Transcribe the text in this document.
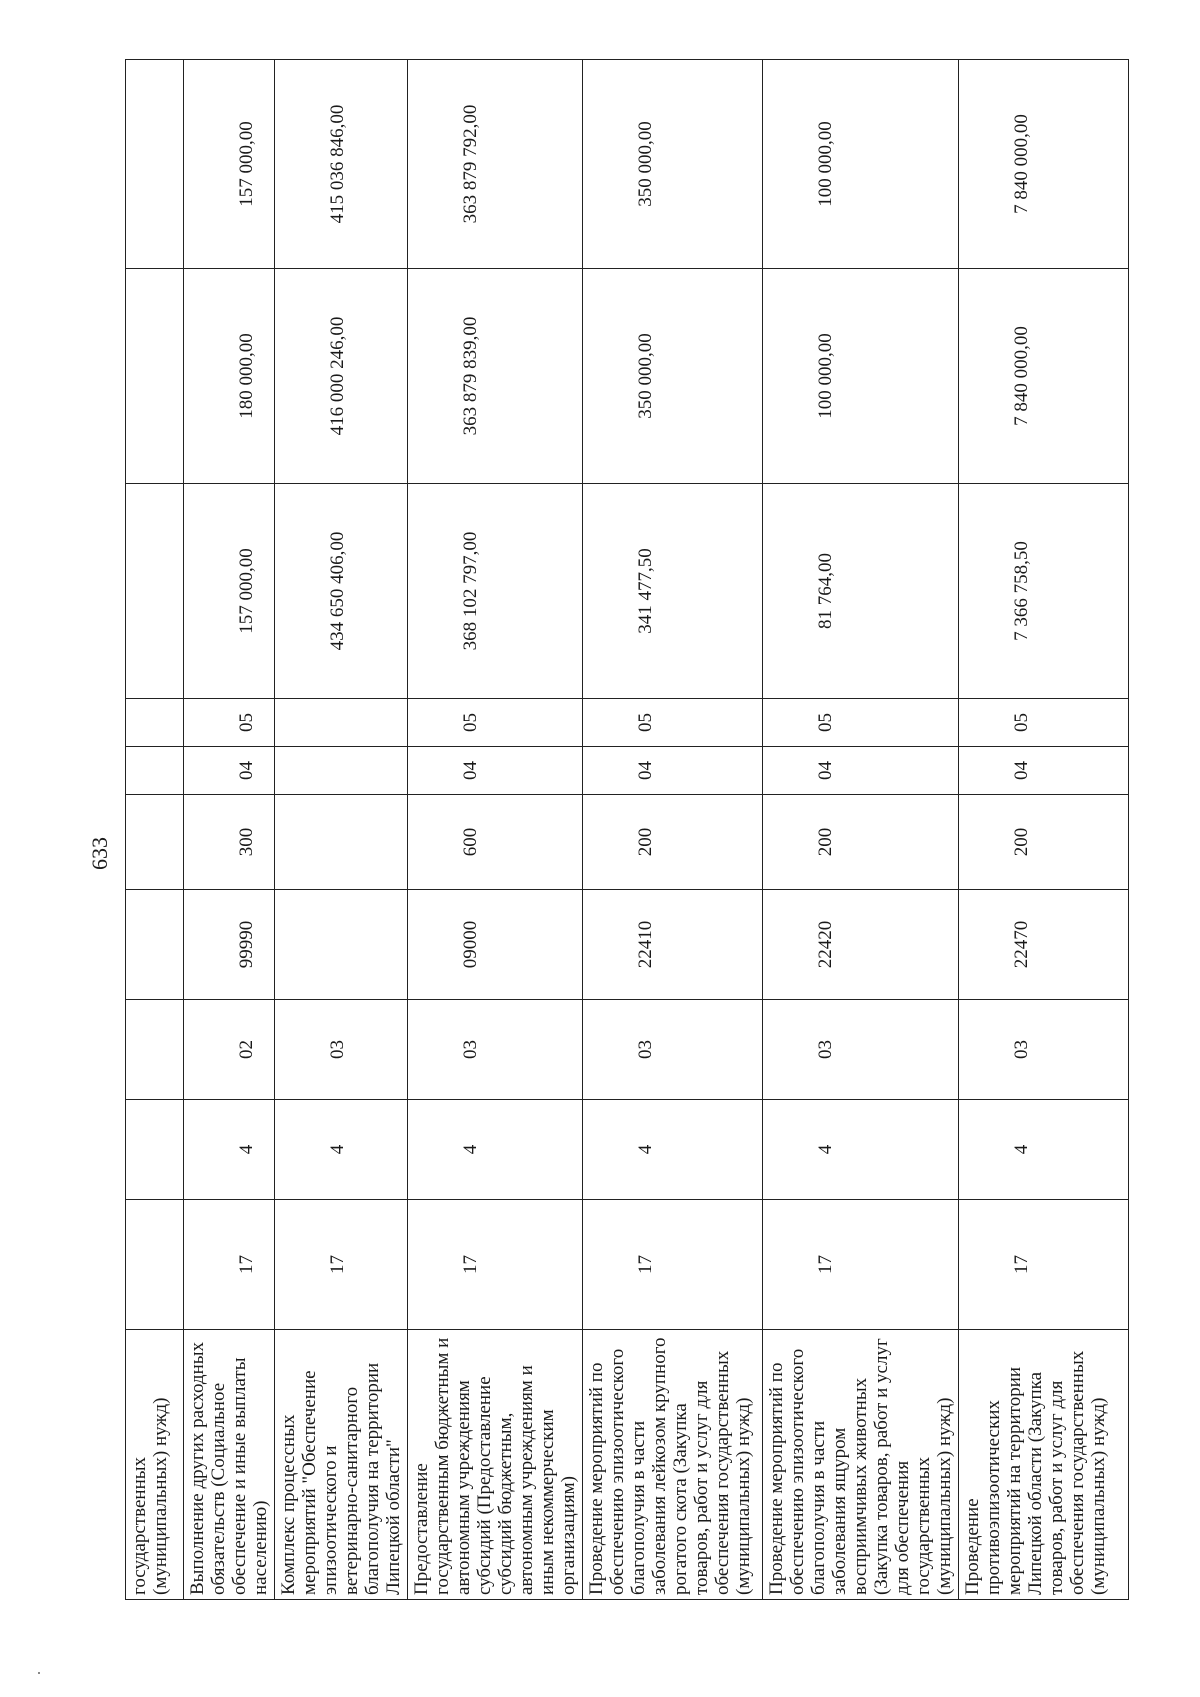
633
государственных (муниципальных) нужд)										
Выполнение других расходных обязательств (Социальное обеспечение и иные выплаты населению)	17	4	02	99990	300	04	05	157 000,00	180 000,00	157 000,00
Комплекс процессных мероприятий "Обеспечение эпизоотического и ветеринарно-санитарного благополучия на территории Липецкой области"	17	4	03					434 650 406,00	416 000 246,00	415 036 846,00
Предоставление государственным бюджетным и автономным учреждениям субсидий (Предоставление субсидий бюджетным, автономным учреждениям и иным некоммерческим организациям)	17	4	03	09000	600	04	05	368 102 797,00	363 879 839,00	363 879 792,00
Проведение мероприятий по обеспечению эпизоотического благополучия в части заболевания лейкозом крупного рогатого скота (Закупка товаров, работ и услуг для обеспечения государственных (муниципальных) нужд)	17	4	03	22410	200	04	05	341 477,50	350 000,00	350 000,00
Проведение мероприятий по обеспечению эпизоотического благополучия в части заболевания ящуром восприимчивых животных (Закупка товаров, работ и услуг для обеспечения государственных (муниципальных) нужд)	17	4	03	22420	200	04	05	81 764,00	100 000,00	100 000,00
Проведение противоэпизоотических мероприятий на территории Липецкой области (Закупка товаров, работ и услуг для обеспечения государственных (муниципальных) нужд)	17	4	03	22470	200	04	05	7 366 758,50	7 840 000,00	7 840 000,00
